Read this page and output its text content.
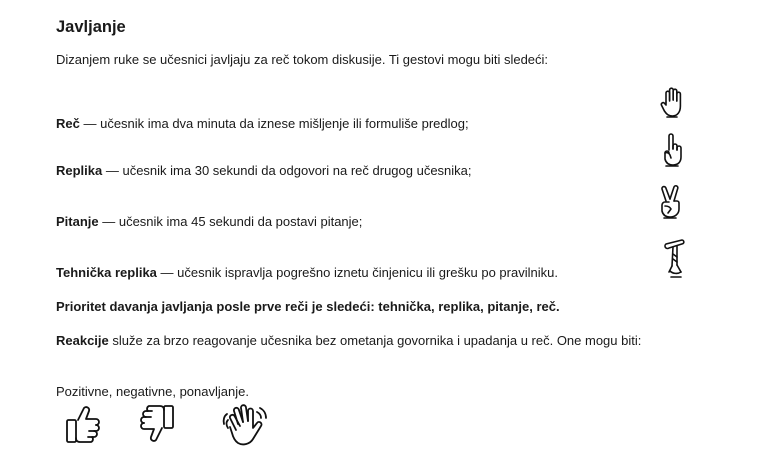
Javljanje

Dizanjem ruke se učesnici javljaju za reč tokom diskusije. Ti gestovi mogu biti sledeći:

Reč — učesnik ima dva minuta da iznese mišljenje ili formuliše predlog;

Replika — učesnik ima 30 sekundi da odgovori na reč drugog učesnika;

Pitanje — učesnik ima 45 sekundi da postavi pitanje;

Tehnička replika — učesnik ispravlja pogrešno iznetu činjenicu ili grešku po pravilniku.

Prioritet davanja javljanja posle prve reči je sledeći: tehnička, replika, pitanje, reč.

Reakcije služe za brzo reagovanje učesnika bez ometanja govornika i upadanja u reč. One mogu biti:

Pozitivne, negativne, ponavljanje.
